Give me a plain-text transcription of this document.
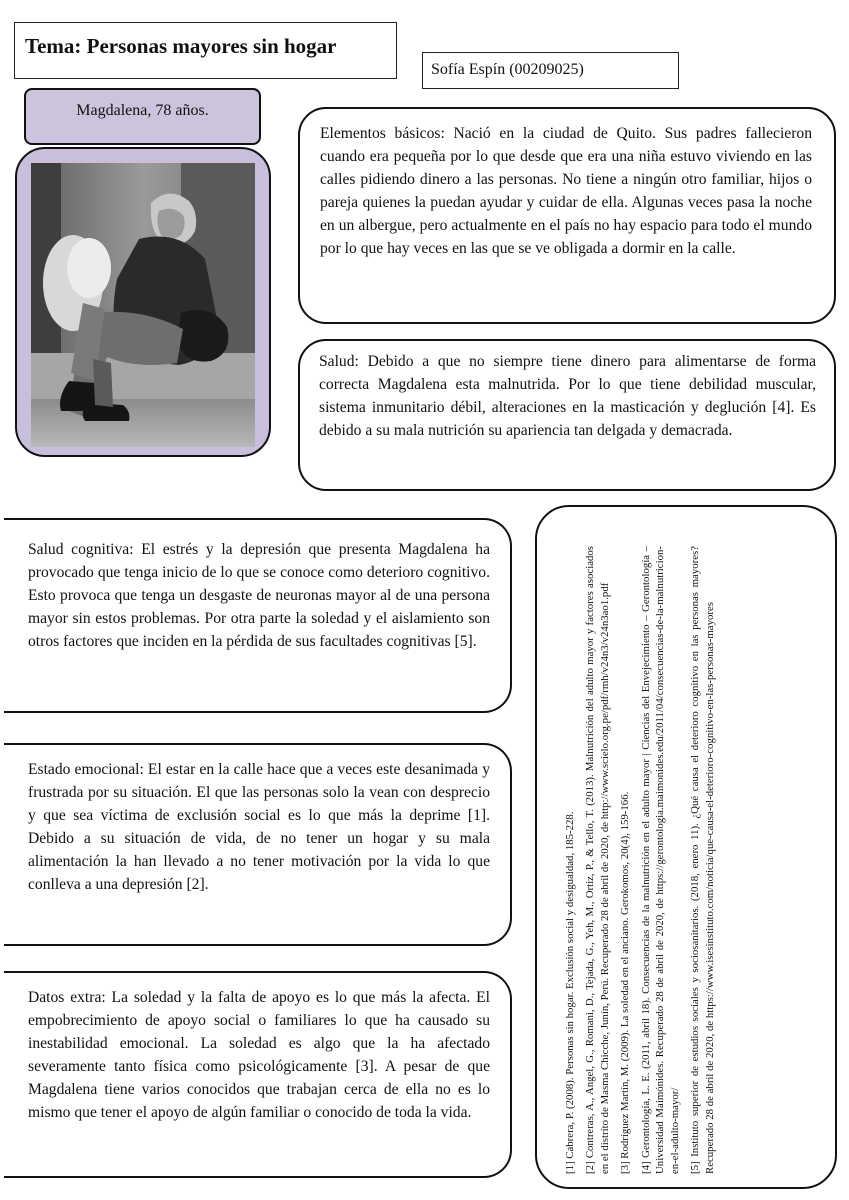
Tema: Personas mayores sin hogar
Sofía Espín (00209025)
Magdalena, 78 años.
Elementos básicos: Nació en la ciudad de Quito. Sus padres fallecieron cuando era pequeña por lo que desde que era una niña estuvo viviendo en las calles pidiendo dinero a las personas. No tiene a ningún otro familiar, hijos o pareja quienes la puedan ayudar y cuidar de ella. Algunas veces pasa la noche en un albergue, pero actualmente en el país no hay espacio para todo el mundo por lo que hay veces en las que se ve obligada a dormir en la calle.
Salud: Debido a que no siempre tiene dinero para alimentarse de forma correcta Magdalena esta malnutrida. Por lo que tiene debilidad muscular, sistema inmunitario débil, alteraciones en la masticación y deglución [4]. Es debido a su mala nutrición su apariencia tan delgada y demacrada.

Salud cognitiva: El estrés y la depresión que presenta Magdalena ha provocado que tenga inicio de lo que se conoce como deterioro cognitivo. Esto provoca que tenga un desgaste de neuronas mayor al de una persona mayor sin estos problemas. Por otra parte la soledad y el aislamiento son otros factores que inciden en la pérdida de sus facultades cognitivas [5].

Estado emocional: El estar en la calle hace que a veces este desanimada y frustrada por su situación. El que las personas solo la vean con desprecio y que sea víctima de exclusión social es lo que más la deprime [1]. Debido a su situación de vida, de no tener un hogar y su mala alimentación la han llevado a no tener motivación por la vida lo que conlleva a una depresión [2].

Datos extra: La soledad y la falta de apoyo es lo que más la afecta. El empobrecimiento de apoyo social o familiares lo que ha causado su inestabilidad emocional. La soledad es algo que la ha afectado severamente tanto física como psicológicamente [3]. A pesar de que Magdalena tiene varios conocidos que trabajan cerca de ella no es lo mismo que tener el apoyo de algún familiar o conocido de toda la vida.	[1] Cabrera, P. (2008). Personas sin hogar. Exclusión social y desigualdad, 185-228. [2] Contreras, A., Angel, G., Romani, D., Tejada, G., Yeh, M., Ortiz, P., & Tello, T. (2013). Malnutrición del adulto mayor y factores asociados en el distrito de Masma Chicche, Junín, Perú. Recuperado 28 de abril de 2020, de http://www.scielo.org.pe/pdf/rmh/v24n3/v24n3ao1.pdf [3] Rodríguez Martín, M. (2009). La soledad en el anciano. Gerokomos, 20(4), 159-166. [4] Gerontología, L. E. (2011, abril 18). Consecuencias de la malnutrición en el adulto mayor | Ciencias del Envejecimiento – Gerontología – Universidad Maimónides. Recuperado 28 de abril de 2020, de https://gerontologia.maimonides.edu/2011/04/consecuencias-de-la-malnutricion-en-el-adulto-mayor/ [5] Instituto superior de estudios sociales y sociosanitarios. (2018, enero 11). ¿Qué causa el deterioro cognitivo en las personas mayores? Recuperado 28 de abril de 2020, de https://www.isesinstituto.com/noticia/que-causa-el-deterioro-cognitivo-en-las-personas-mayores
